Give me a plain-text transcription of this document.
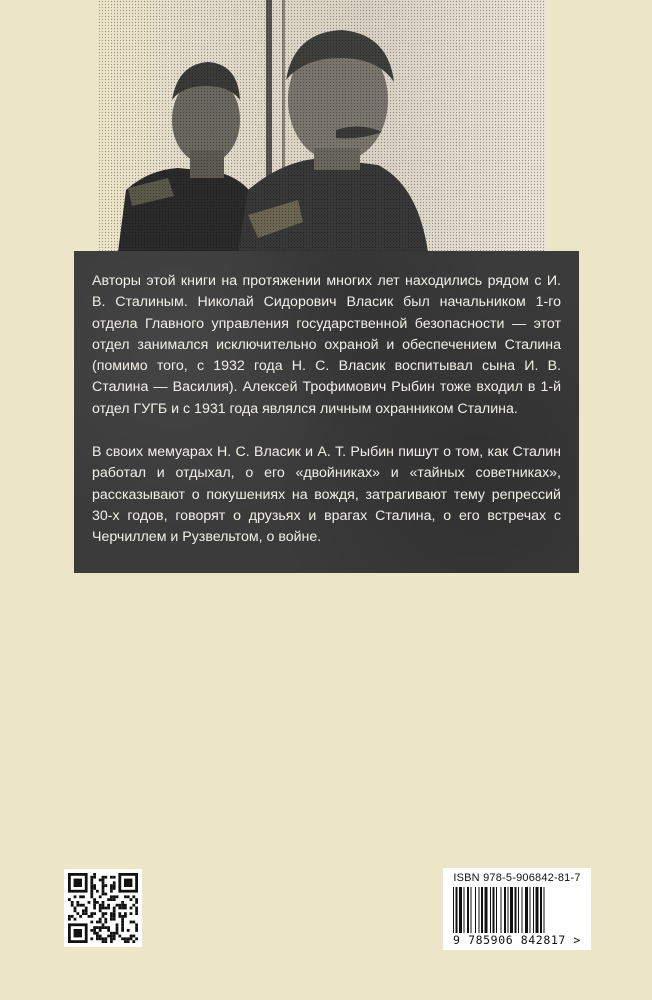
Авторы этой книги на протяжении многих лет находились рядом с И. В. Сталиным. Николай Сидорович Власик был начальником 1-го отдела Главного управления государственной безопасности — этот отдел занимался исключительно охраной и обеспечением Сталина (помимо того, с 1932 года Н. С. Власик воспитывал сына И. В. Сталина — Василия). Алексей Трофимович Рыбин тоже входил в 1-й отдел ГУГБ и с 1931 года являлся личным охранником Сталина.

В своих мемуарах Н. С. Власик и А. Т. Рыбин пишут о том, как Сталин работал и отдыхал, о его «двойниках» и «тайных советниках», рассказывают о покушениях на вождя, затрагивают тему репрессий 30-х годов, говорят о друзьях и врагах Сталина, о его встречах с Черчиллем и Рузвельтом, о войне.

ISBN 978-5-906842-81-7
9 785906 842817 >
